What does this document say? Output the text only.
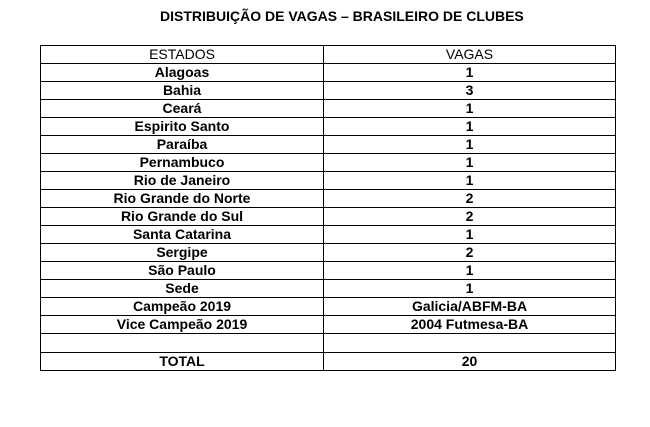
DISTRIBUIÇÃO DE VAGAS – BRASILEIRO DE CLUBES
ESTADOS	VAGAS
Alagoas	1
Bahia	3
Ceará	1
Espirito Santo	1
Paraíba	1
Pernambuco	1
Rio de Janeiro	1
Rio Grande do Norte	2
Rio Grande do Sul	2
Santa Catarina	1
Sergipe	2
São Paulo	1
Sede	1
Campeão 2019	Galicia/ABFM-BA
Vice Campeão 2019	2004 Futmesa-BA

TOTAL	20
